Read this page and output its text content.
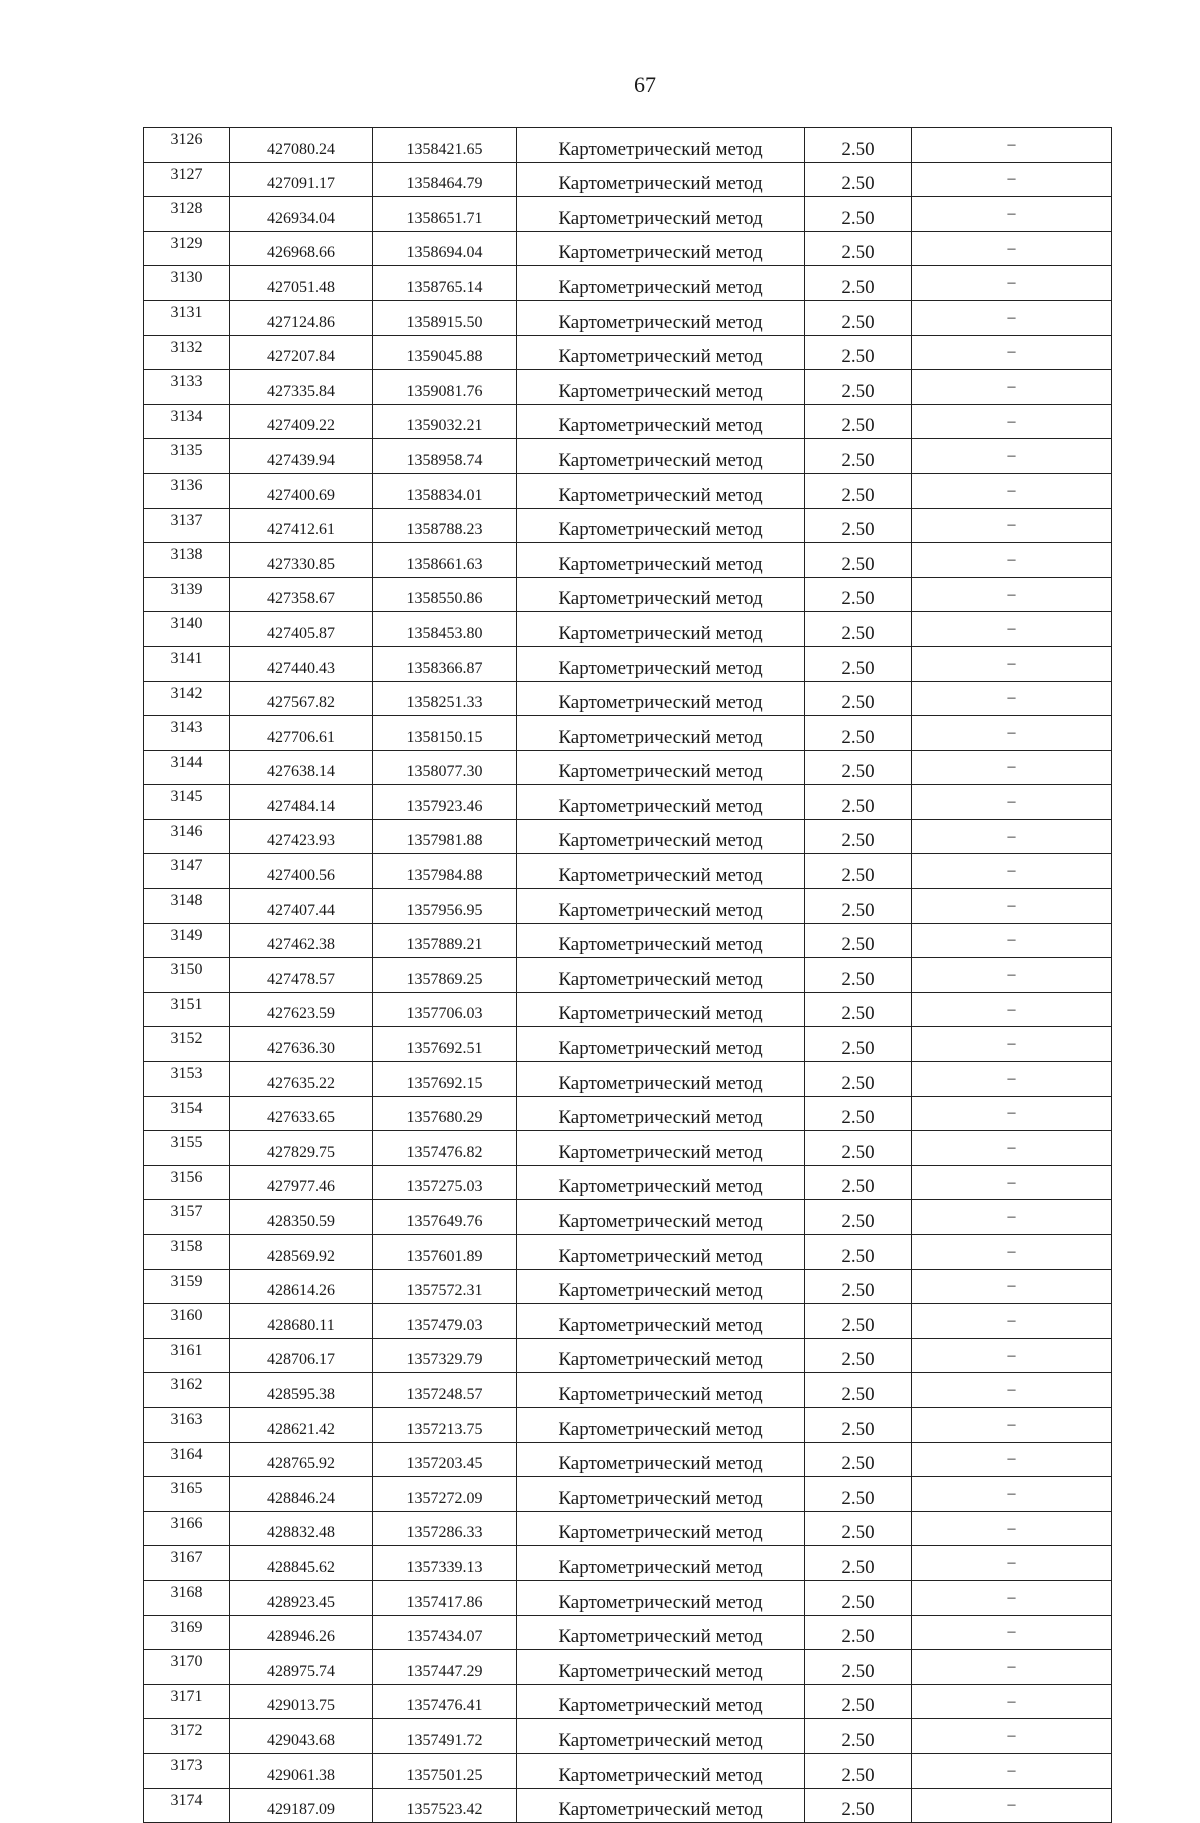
67
3126	427080.24	1358421.65	Картометрический метод	2.50	–
3127	427091.17	1358464.79	Картометрический метод	2.50	–
3128	426934.04	1358651.71	Картометрический метод	2.50	–
3129	426968.66	1358694.04	Картометрический метод	2.50	–
3130	427051.48	1358765.14	Картометрический метод	2.50	–
3131	427124.86	1358915.50	Картометрический метод	2.50	–
3132	427207.84	1359045.88	Картометрический метод	2.50	–
3133	427335.84	1359081.76	Картометрический метод	2.50	–
3134	427409.22	1359032.21	Картометрический метод	2.50	–
3135	427439.94	1358958.74	Картометрический метод	2.50	–
3136	427400.69	1358834.01	Картометрический метод	2.50	–
3137	427412.61	1358788.23	Картометрический метод	2.50	–
3138	427330.85	1358661.63	Картометрический метод	2.50	–
3139	427358.67	1358550.86	Картометрический метод	2.50	–
3140	427405.87	1358453.80	Картометрический метод	2.50	–
3141	427440.43	1358366.87	Картометрический метод	2.50	–
3142	427567.82	1358251.33	Картометрический метод	2.50	–
3143	427706.61	1358150.15	Картометрический метод	2.50	–
3144	427638.14	1358077.30	Картометрический метод	2.50	–
3145	427484.14	1357923.46	Картометрический метод	2.50	–
3146	427423.93	1357981.88	Картометрический метод	2.50	–
3147	427400.56	1357984.88	Картометрический метод	2.50	–
3148	427407.44	1357956.95	Картометрический метод	2.50	–
3149	427462.38	1357889.21	Картометрический метод	2.50	–
3150	427478.57	1357869.25	Картометрический метод	2.50	–
3151	427623.59	1357706.03	Картометрический метод	2.50	–
3152	427636.30	1357692.51	Картометрический метод	2.50	–
3153	427635.22	1357692.15	Картометрический метод	2.50	–
3154	427633.65	1357680.29	Картометрический метод	2.50	–
3155	427829.75	1357476.82	Картометрический метод	2.50	–
3156	427977.46	1357275.03	Картометрический метод	2.50	–
3157	428350.59	1357649.76	Картометрический метод	2.50	–
3158	428569.92	1357601.89	Картометрический метод	2.50	–
3159	428614.26	1357572.31	Картометрический метод	2.50	–
3160	428680.11	1357479.03	Картометрический метод	2.50	–
3161	428706.17	1357329.79	Картометрический метод	2.50	–
3162	428595.38	1357248.57	Картометрический метод	2.50	–
3163	428621.42	1357213.75	Картометрический метод	2.50	–
3164	428765.92	1357203.45	Картометрический метод	2.50	–
3165	428846.24	1357272.09	Картометрический метод	2.50	–
3166	428832.48	1357286.33	Картометрический метод	2.50	–
3167	428845.62	1357339.13	Картометрический метод	2.50	–
3168	428923.45	1357417.86	Картометрический метод	2.50	–
3169	428946.26	1357434.07	Картометрический метод	2.50	–
3170	428975.74	1357447.29	Картометрический метод	2.50	–
3171	429013.75	1357476.41	Картометрический метод	2.50	–
3172	429043.68	1357491.72	Картометрический метод	2.50	–
3173	429061.38	1357501.25	Картометрический метод	2.50	–
3174	429187.09	1357523.42	Картометрический метод	2.50	–
